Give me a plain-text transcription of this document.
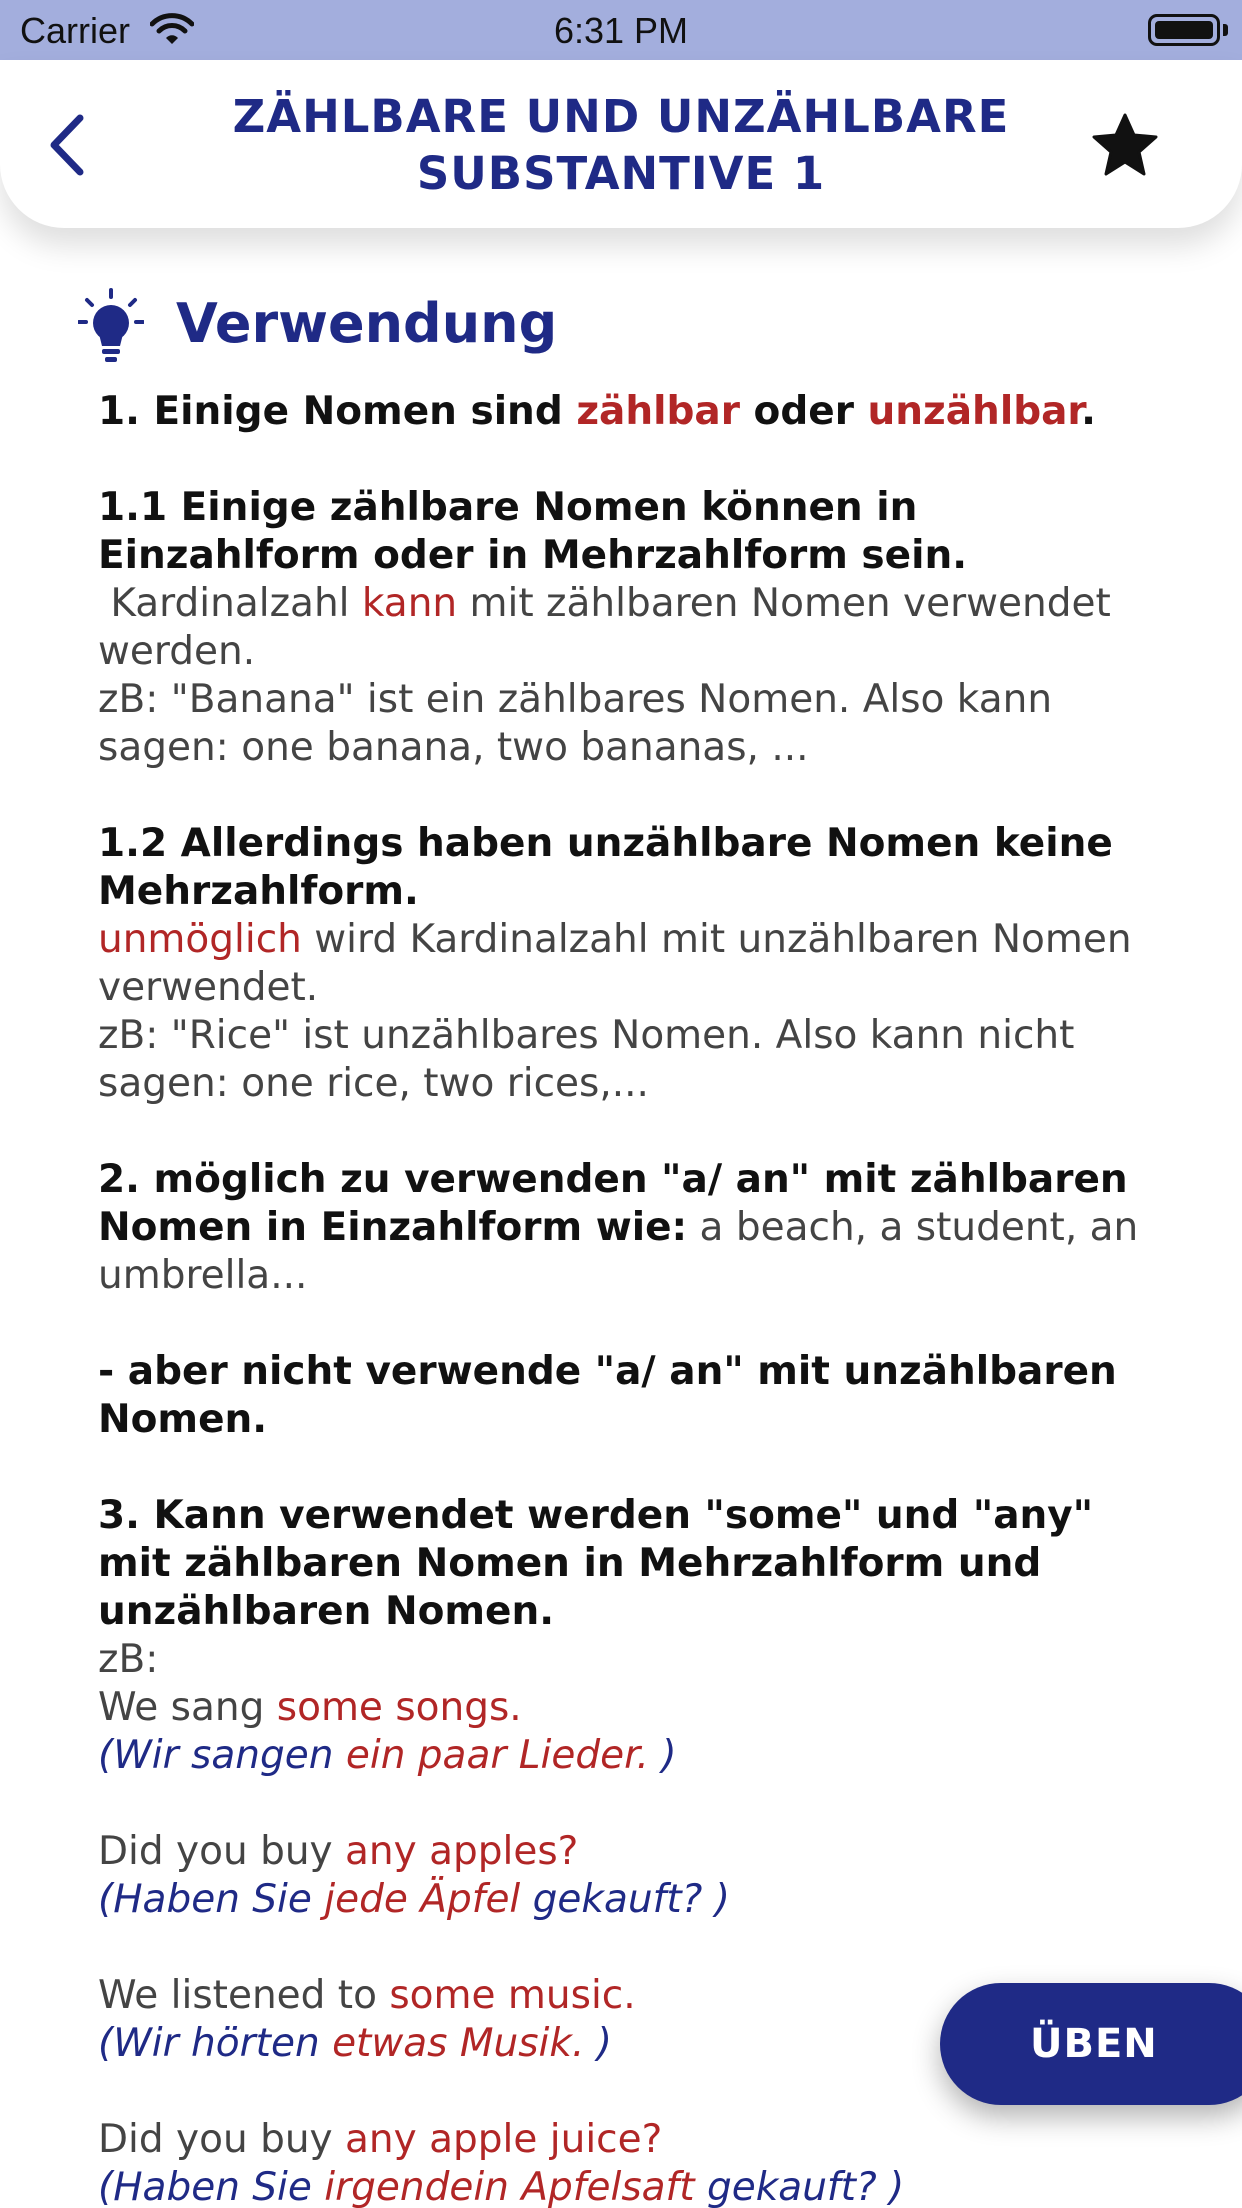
Carrier	6:31 PM
ZÄHLBARE UND UNZÄHLBARE
SUBSTANTIVE 1
Verwendung
1. Einige Nomen sind zählbar oder unzählbar.
1.1 Einige zählbare Nomen können in Einzahlform oder in Mehrzahlform sein.
Kardinalzahl kann mit zählbaren Nomen verwendet werden.
zB: "Banana" ist ein zählbares Nomen. Also kann sagen: one banana, two bananas, ...
1.2 Allerdings haben unzählbare Nomen keine Mehrzahlform.
unmöglich wird Kardinalzahl mit unzählbaren Nomen verwendet.
zB: "Rice" ist unzählbares Nomen. Also kann nicht sagen: one rice, two rices,...
2. möglich zu verwenden "a/ an" mit zählbaren Nomen in Einzahlform wie: a beach, a student, an umbrella...
- aber nicht verwende "a/ an" mit unzählbaren Nomen.
3. Kann verwendet werden "some" und "any" mit zählbaren Nomen in Mehrzahlform und unzählbaren Nomen.
zB:
We sang some songs.
(Wir sangen ein paar Lieder. )
Did you buy any apples?
(Haben Sie jede Äpfel gekauft? )
We listened to some music.
(Wir hörten etwas Musik. )
Did you buy any apple juice?
(Haben Sie irgendein Apfelsaft gekauft? )
ÜBEN
